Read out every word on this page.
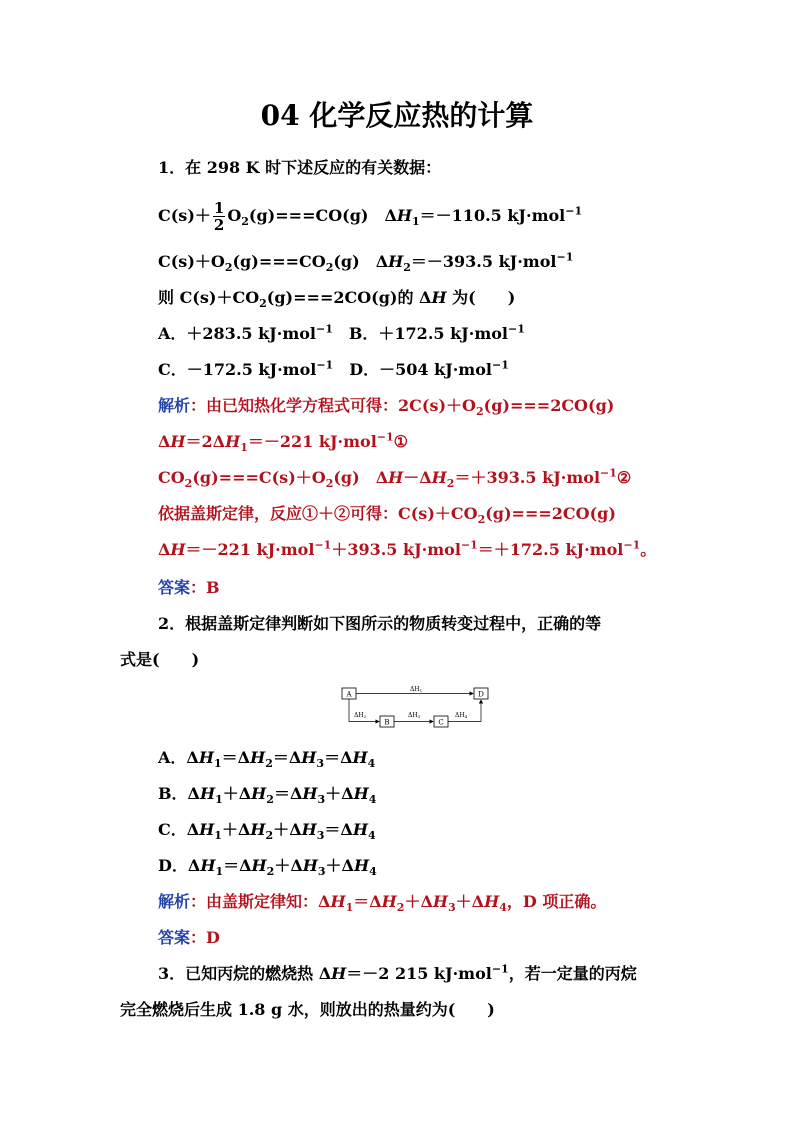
04 化学反应热的计算
1．在 298 K 时下述反应的有关数据：
$C(s)+ \frac{1}{2} O_2(g)===CO(g)$　$\Delta H_1=-110.5$ kJ·mol$^{-1}$
$C(s)+O_2(g)===CO_2(g)$　$\Delta H_2=-393.5$ kJ·mol$^{-1}$
则 $C(s)+CO_2(g)===2CO(g)$的 ΔH 为(　　)
A．＋283.5 kJ·mol$^{-1}$　 B．＋172.5 kJ·mol$^{-1}$
C．－172.5 kJ·mol$^{-1}$　 D．－504 kJ·mol$^{-1}$
解析：由已知热化学方程式可得：$2C(s)+O_2(g)===2CO(g)$
$\Delta H=2\Delta H_1=-221$ kJ·mol$^{-1}$①
$CO_2(g)===C(s)+O_2(g)$　$\Delta H-\Delta H_2=+393.5$ kJ·mol$^{-1}$②
依据盖斯定律，反应①＋②可得：$C(s)+CO_2(g)===2CO(g)$
ΔH＝－221 kJ·mol$^{-1}$＋393.5 kJ·mol$^{-1}$＝＋172.5 kJ·mol$^{-1}$。
答案：B
2．根据盖斯定律判断如下图所示的物质转变过程中，正确的等
式是(　　)
A	D
B	C
ΔH1
ΔH2	ΔH3	ΔH4
A．$\Delta H_1=\Delta H_2=\Delta H_3=\Delta H_4$
B．$\Delta H_1+\Delta H_2=\Delta H_3+\Delta H_4$
C．$\Delta H_1+\Delta H_2+\Delta H_3=\Delta H_4$
D．$\Delta H_1=\Delta H_2+\Delta H_3+\Delta H_4$
解析：由盖斯定律知：$\Delta H_1=\Delta H_2+\Delta H_3+\Delta H_4$，D 项正确。
答案：D
3．已知丙烷的燃烧热 ΔH＝－2 215 kJ·mol$^{-1}$，若一定量的丙烷
完全燃烧后生成 1.8 g 水，则放出的热量约为(　　)
